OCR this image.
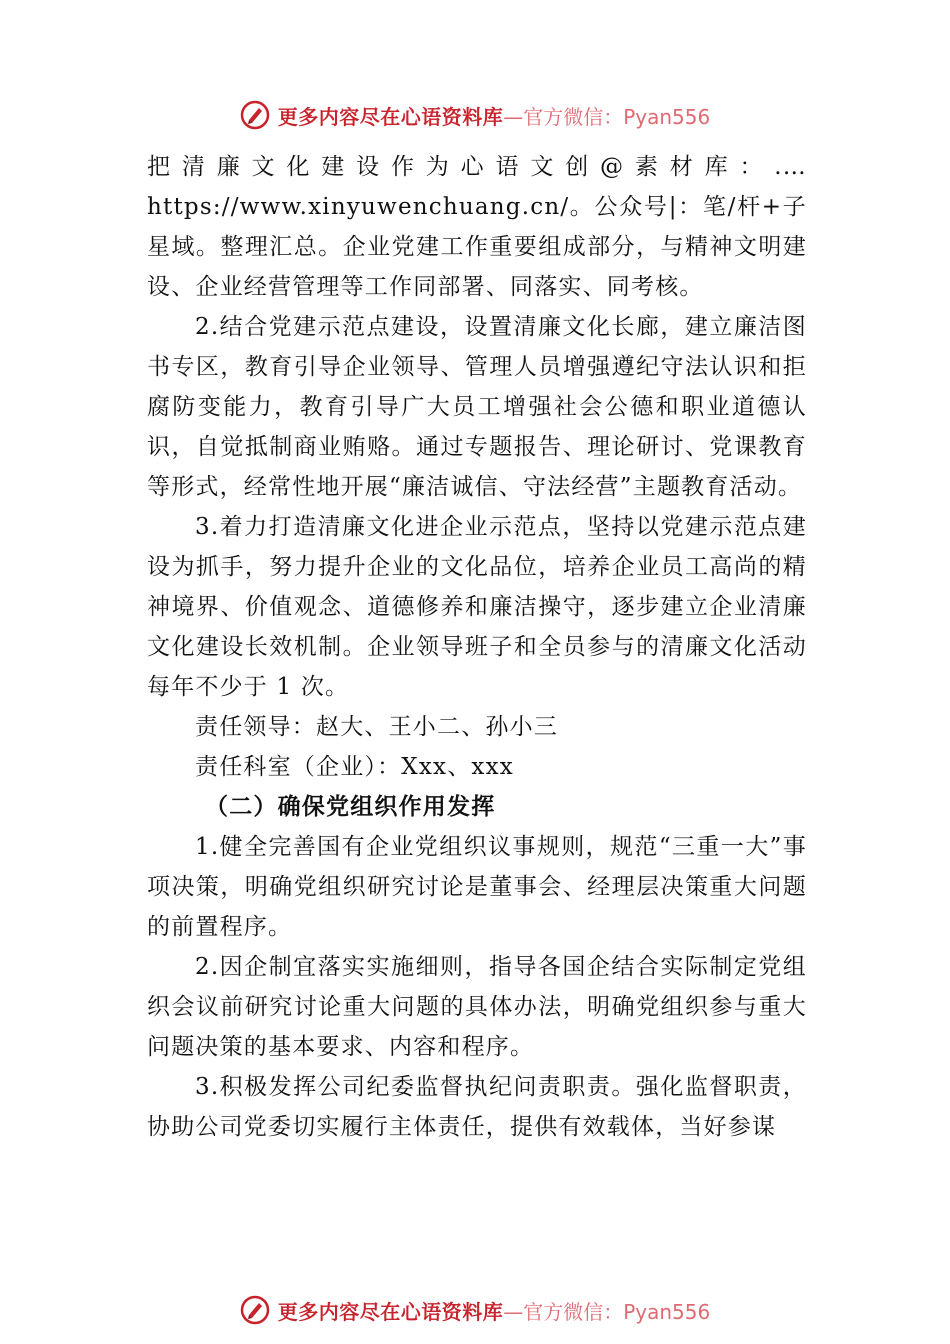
更多内容尽在心语资料库 —官方微信：Pyan556

把清廉文化建设作为心语文创@素材库：.…https://www.xinyuwenchuang.cn/。公众号|：笔/杆+子星域。整理汇总。企业党建工作重要组成部分，与精神文明建设、企业经营管理等工作同部署、同落实、同考核。

2.结合党建示范点建设，设置清廉文化长廊，建立廉洁图书专区，教育引导企业领导、管理人员增强遵纪守法认识和拒腐防变能力，教育引导广大员工增强社会公德和职业道德认识，自觉抵制商业贿赂。通过专题报告、理论研讨、党课教育等形式，经常性地开展“廉洁诚信、守法经营”主题教育活动。

3.着力打造清廉文化进企业示范点，坚持以党建示范点建设为抓手，努力提升企业的文化品位，培养企业员工高尚的精神境界、价值观念、道德修养和廉洁操守，逐步建立企业清廉文化建设长效机制。企业领导班子和全员参与的清廉文化活动每年不少于 1 次。

责任领导：赵大、王小二、孙小三

责任科室（企业）：Xxx、xxx

（二）确保党组织作用发挥

1.健全完善国有企业党组织议事规则，规范“三重一大”事项决策，明确党组织研究讨论是董事会、经理层决策重大问题的前置程序。

2.因企制宜落实实施细则，指导各国企结合实际制定党组织会议前研究讨论重大问题的具体办法，明确党组织参与重大问题决策的基本要求、内容和程序。

3.积极发挥公司纪委监督执纪问责职责。强化监督职责，协助公司党委切实履行主体责任，提供有效载体，当好参谋

更多内容尽在心语资料库 —官方微信：Pyan556
